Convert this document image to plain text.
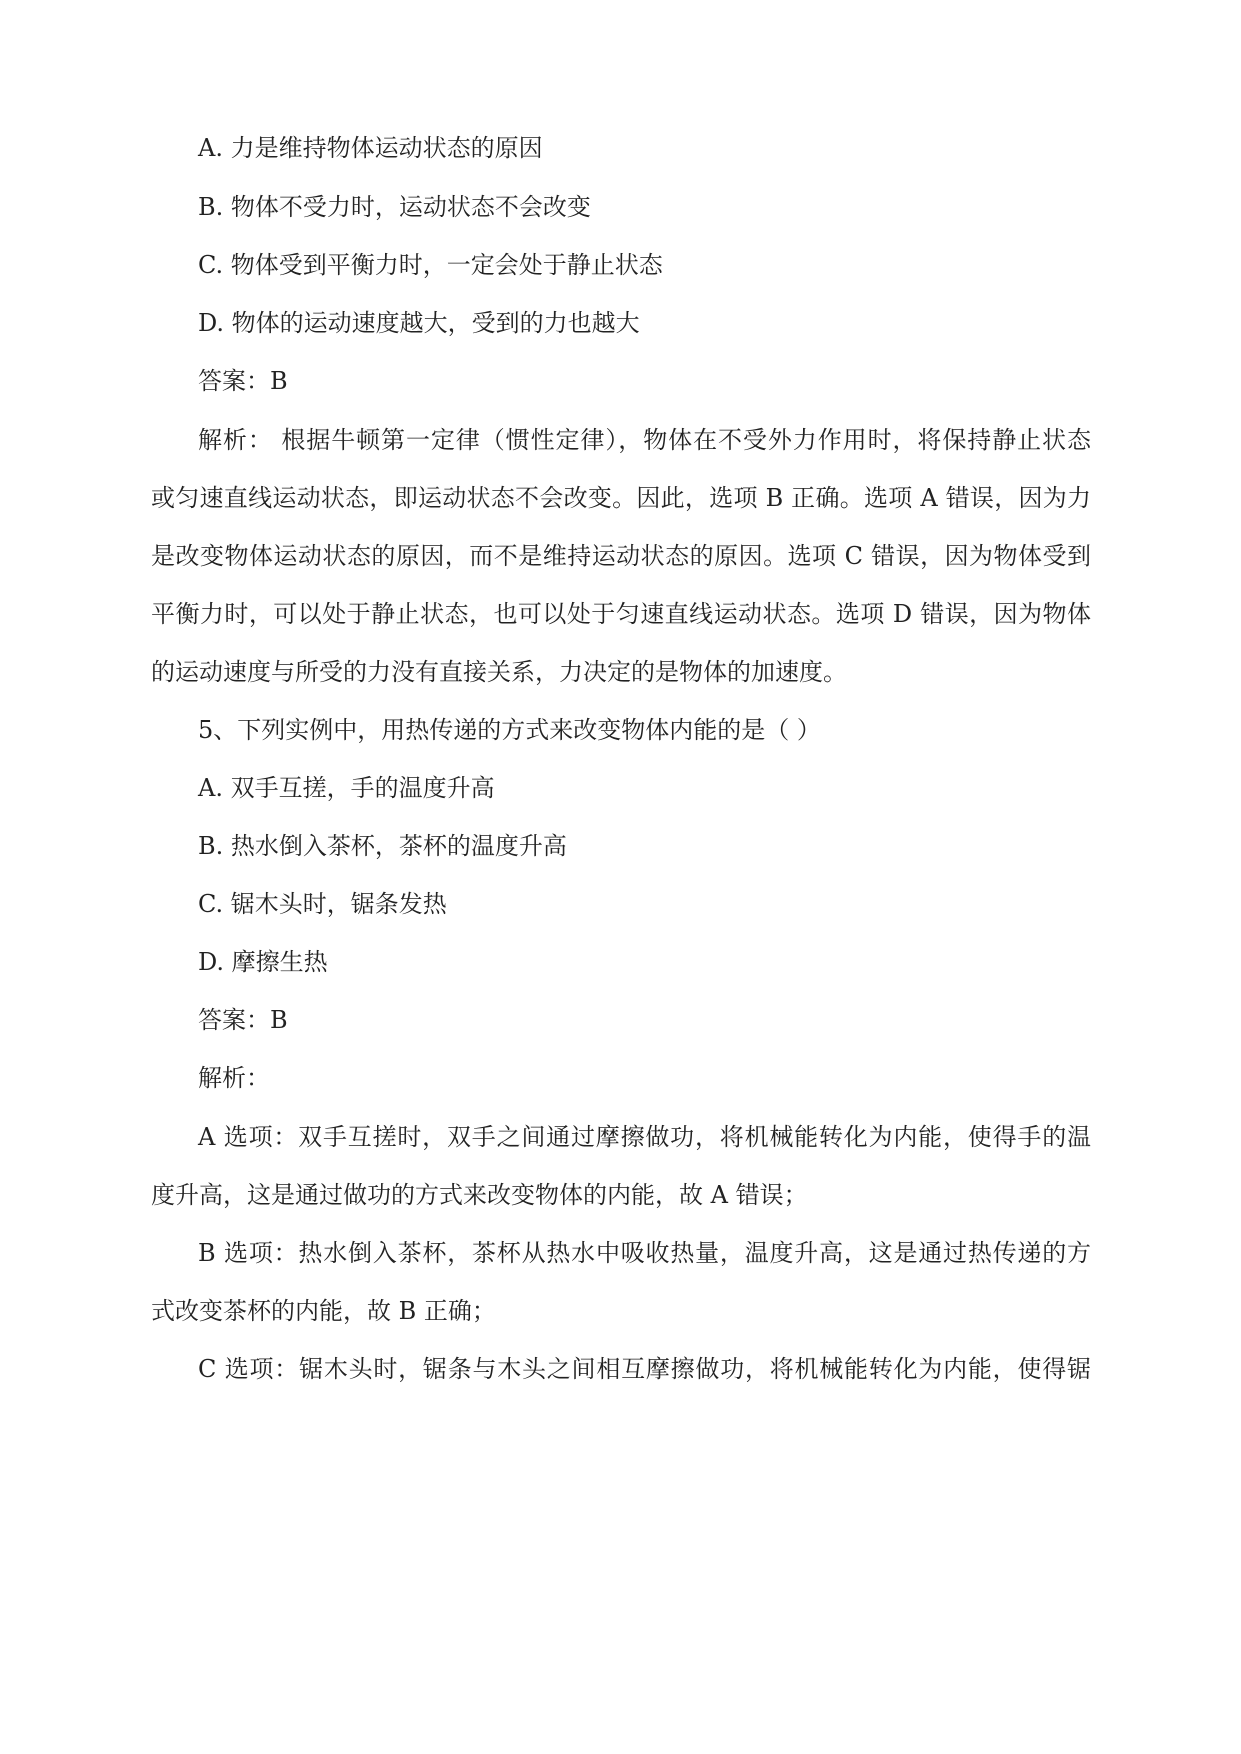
A. 力是维持物体运动状态的原因
B. 物体不受力时，运动状态不会改变
C. 物体受到平衡力时，一定会处于静止状态
D. 物体的运动速度越大，受到的力也越大
答案：B
解析： 根据牛顿第一定律（惯性定律），物体在不受外力作用时，将保持静止状态
或匀速直线运动状态，即运动状态不会改变。因此，选项 B 正确。选项 A 错误，因为力
是改变物体运动状态的原因，而不是维持运动状态的原因。选项 C 错误，因为物体受到
平衡力时，可以处于静止状态，也可以处于匀速直线运动状态。选项 D 错误，因为物体
的运动速度与所受的力没有直接关系，力决定的是物体的加速度。
5、下列实例中，用热传递的方式来改变物体内能的是（ ）
A. 双手互搓，手的温度升高
B. 热水倒入茶杯，茶杯的温度升高
C. 锯木头时，锯条发热
D. 摩擦生热
答案：B
解析：
A 选项：双手互搓时，双手之间通过摩擦做功，将机械能转化为内能，使得手的温
度升高，这是通过做功的方式来改变物体的内能，故 A 错误；
B 选项：热水倒入茶杯，茶杯从热水中吸收热量，温度升高，这是通过热传递的方
式改变茶杯的内能，故 B 正确；
C 选项：锯木头时，锯条与木头之间相互摩擦做功，将机械能转化为内能，使得锯
